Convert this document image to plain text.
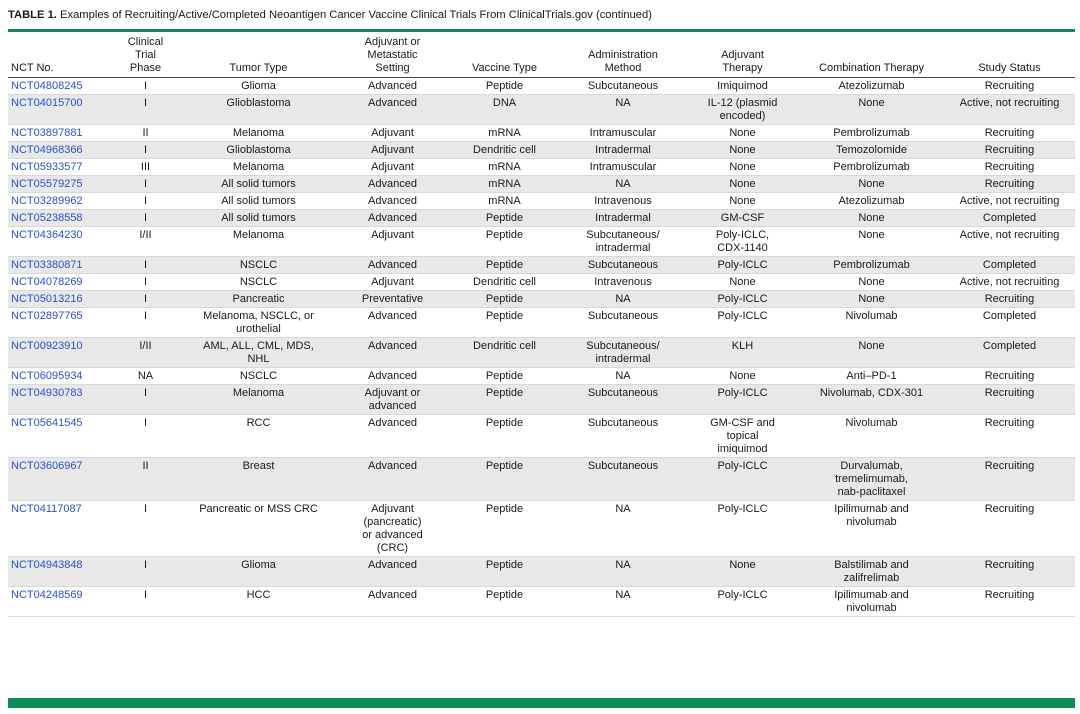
TABLE 1. Examples of Recruiting/Active/Completed Neoantigen Cancer Vaccine Clinical Trials From ClinicalTrials.gov (continued)
NCT No.	Clinical
Trial
Phase	Tumor Type	Adjuvant or
Metastatic
Setting	Vaccine Type	Administration
Method	Adjuvant
Therapy	Combination Therapy	Study Status
NCT04808245	I	Glioma	Advanced	Peptide	Subcutaneous	Imiquimod	Atezolizumab	Recruiting
NCT04015700	I	Glioblastoma	Advanced	DNA	NA	IL-12 (plasmid
encoded)	None	Active, not recruiting
NCT03897881	II	Melanoma	Adjuvant	mRNA	Intramuscular	None	Pembrolizumab	Recruiting
NCT04968366	I	Glioblastoma	Adjuvant	Dendritic cell	Intradermal	None	Temozolomide	Recruiting
NCT05933577	III	Melanoma	Adjuvant	mRNA	Intramuscular	None	Pembrolizumab	Recruiting
NCT05579275	I	All solid tumors	Advanced	mRNA	NA	None	None	Recruiting
NCT03289962	I	All solid tumors	Advanced	mRNA	Intravenous	None	Atezolizumab	Active, not recruiting
NCT05238558	I	All solid tumors	Advanced	Peptide	Intradermal	GM-CSF	None	Completed
NCT04364230	I/II	Melanoma	Adjuvant	Peptide	Subcutaneous/
intradermal	Poly-ICLC,
CDX-1140	None	Active, not recruiting
NCT03380871	I	NSCLC	Advanced	Peptide	Subcutaneous	Poly-ICLC	Pembrolizumab	Completed
NCT04078269	I	NSCLC	Adjuvant	Dendritic cell	Intravenous	None	None	Active, not recruiting
NCT05013216	I	Pancreatic	Preventative	Peptide	NA	Poly-ICLC	None	Recruiting
NCT02897765	I	Melanoma, NSCLC, or
urothelial	Advanced	Peptide	Subcutaneous	Poly-ICLC	Nivolumab	Completed
NCT00923910	I/II	AML, ALL, CML, MDS,
NHL	Advanced	Dendritic cell	Subcutaneous/
intradermal	KLH	None	Completed
NCT06095934	NA	NSCLC	Advanced	Peptide	NA	None	Anti–PD-1	Recruiting
NCT04930783	I	Melanoma	Adjuvant or
advanced	Peptide	Subcutaneous	Poly-ICLC	Nivolumab, CDX-301	Recruiting
NCT05641545	I	RCC	Advanced	Peptide	Subcutaneous	GM-CSF and
topical
imiquimod	Nivolumab	Recruiting
NCT03606967	II	Breast	Advanced	Peptide	Subcutaneous	Poly-ICLC	Durvalumab,
tremelimumab,
nab-paclitaxel	Recruiting
NCT04117087	I	Pancreatic or MSS CRC	Adjuvant
(pancreatic)
or advanced
(CRC)	Peptide	NA	Poly-ICLC	Ipilimumab and
nivolumab	Recruiting
NCT04943848	I	Glioma	Advanced	Peptide	NA	None	Balstilimab and
zalifrelimab	Recruiting
NCT04248569	I	HCC	Advanced	Peptide	NA	Poly-ICLC	Ipilimumab and
nivolumab	Recruiting
